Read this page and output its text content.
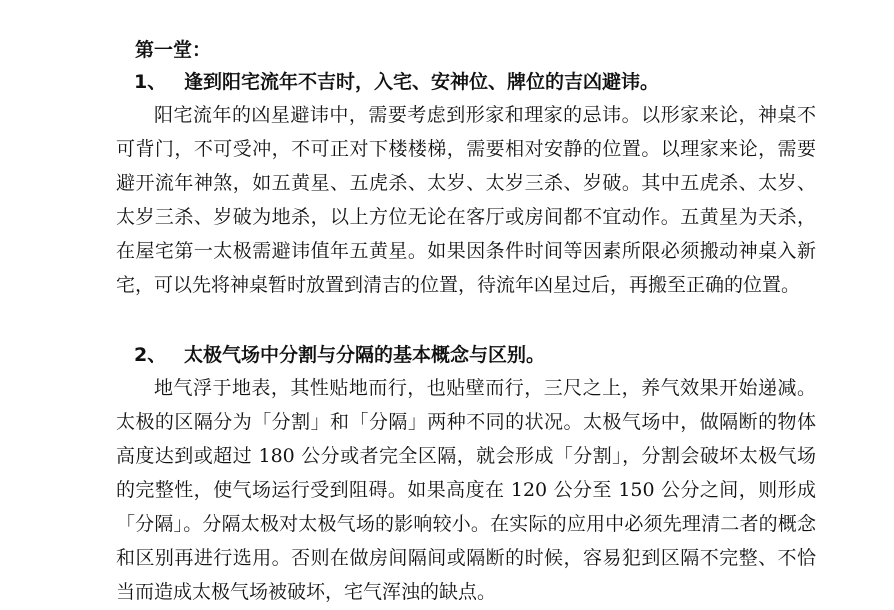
第一堂：
1、 逢到阳宅流年不吉时，入宅、安神位、牌位的吉凶避讳。

阳宅流年的凶星避讳中，需要考虑到形家和理家的忌讳。以形家来论，神桌不可背门，不可受冲，不可正对下楼楼梯，需要相对安静的位置。以理家来论，需要避开流年神煞，如五黄星、五虎杀、太岁、太岁三杀、岁破。其中五虎杀、太岁、太岁三杀、岁破为地杀，以上方位无论在客厅或房间都不宜动作。五黄星为天杀，在屋宅第一太极需避讳值年五黄星。如果因条件时间等因素所限必须搬动神桌入新宅，可以先将神桌暂时放置到清吉的位置，待流年凶星过后，再搬至正确的位置。

2、 太极气场中分割与分隔的基本概念与区别。

地气浮于地表，其性贴地而行，也贴壁而行，三尺之上，养气效果开始递减。太极的区隔分为「分割」和「分隔」两种不同的状况。太极气场中，做隔断的物体高度达到或超过 180 公分或者完全区隔，就会形成「分割」，分割会破坏太极气场的完整性，使气场运行受到阻碍。如果高度在 120 公分至 150 公分之间，则形成「分隔」。分隔太极对太极气场的影响较小。在实际的应用中必须先理清二者的概念和区别再进行选用。否则在做房间隔间或隔断的时候，容易犯到区隔不完整、不恰当而造成太极气场被破坏，宅气浑浊的缺点。
